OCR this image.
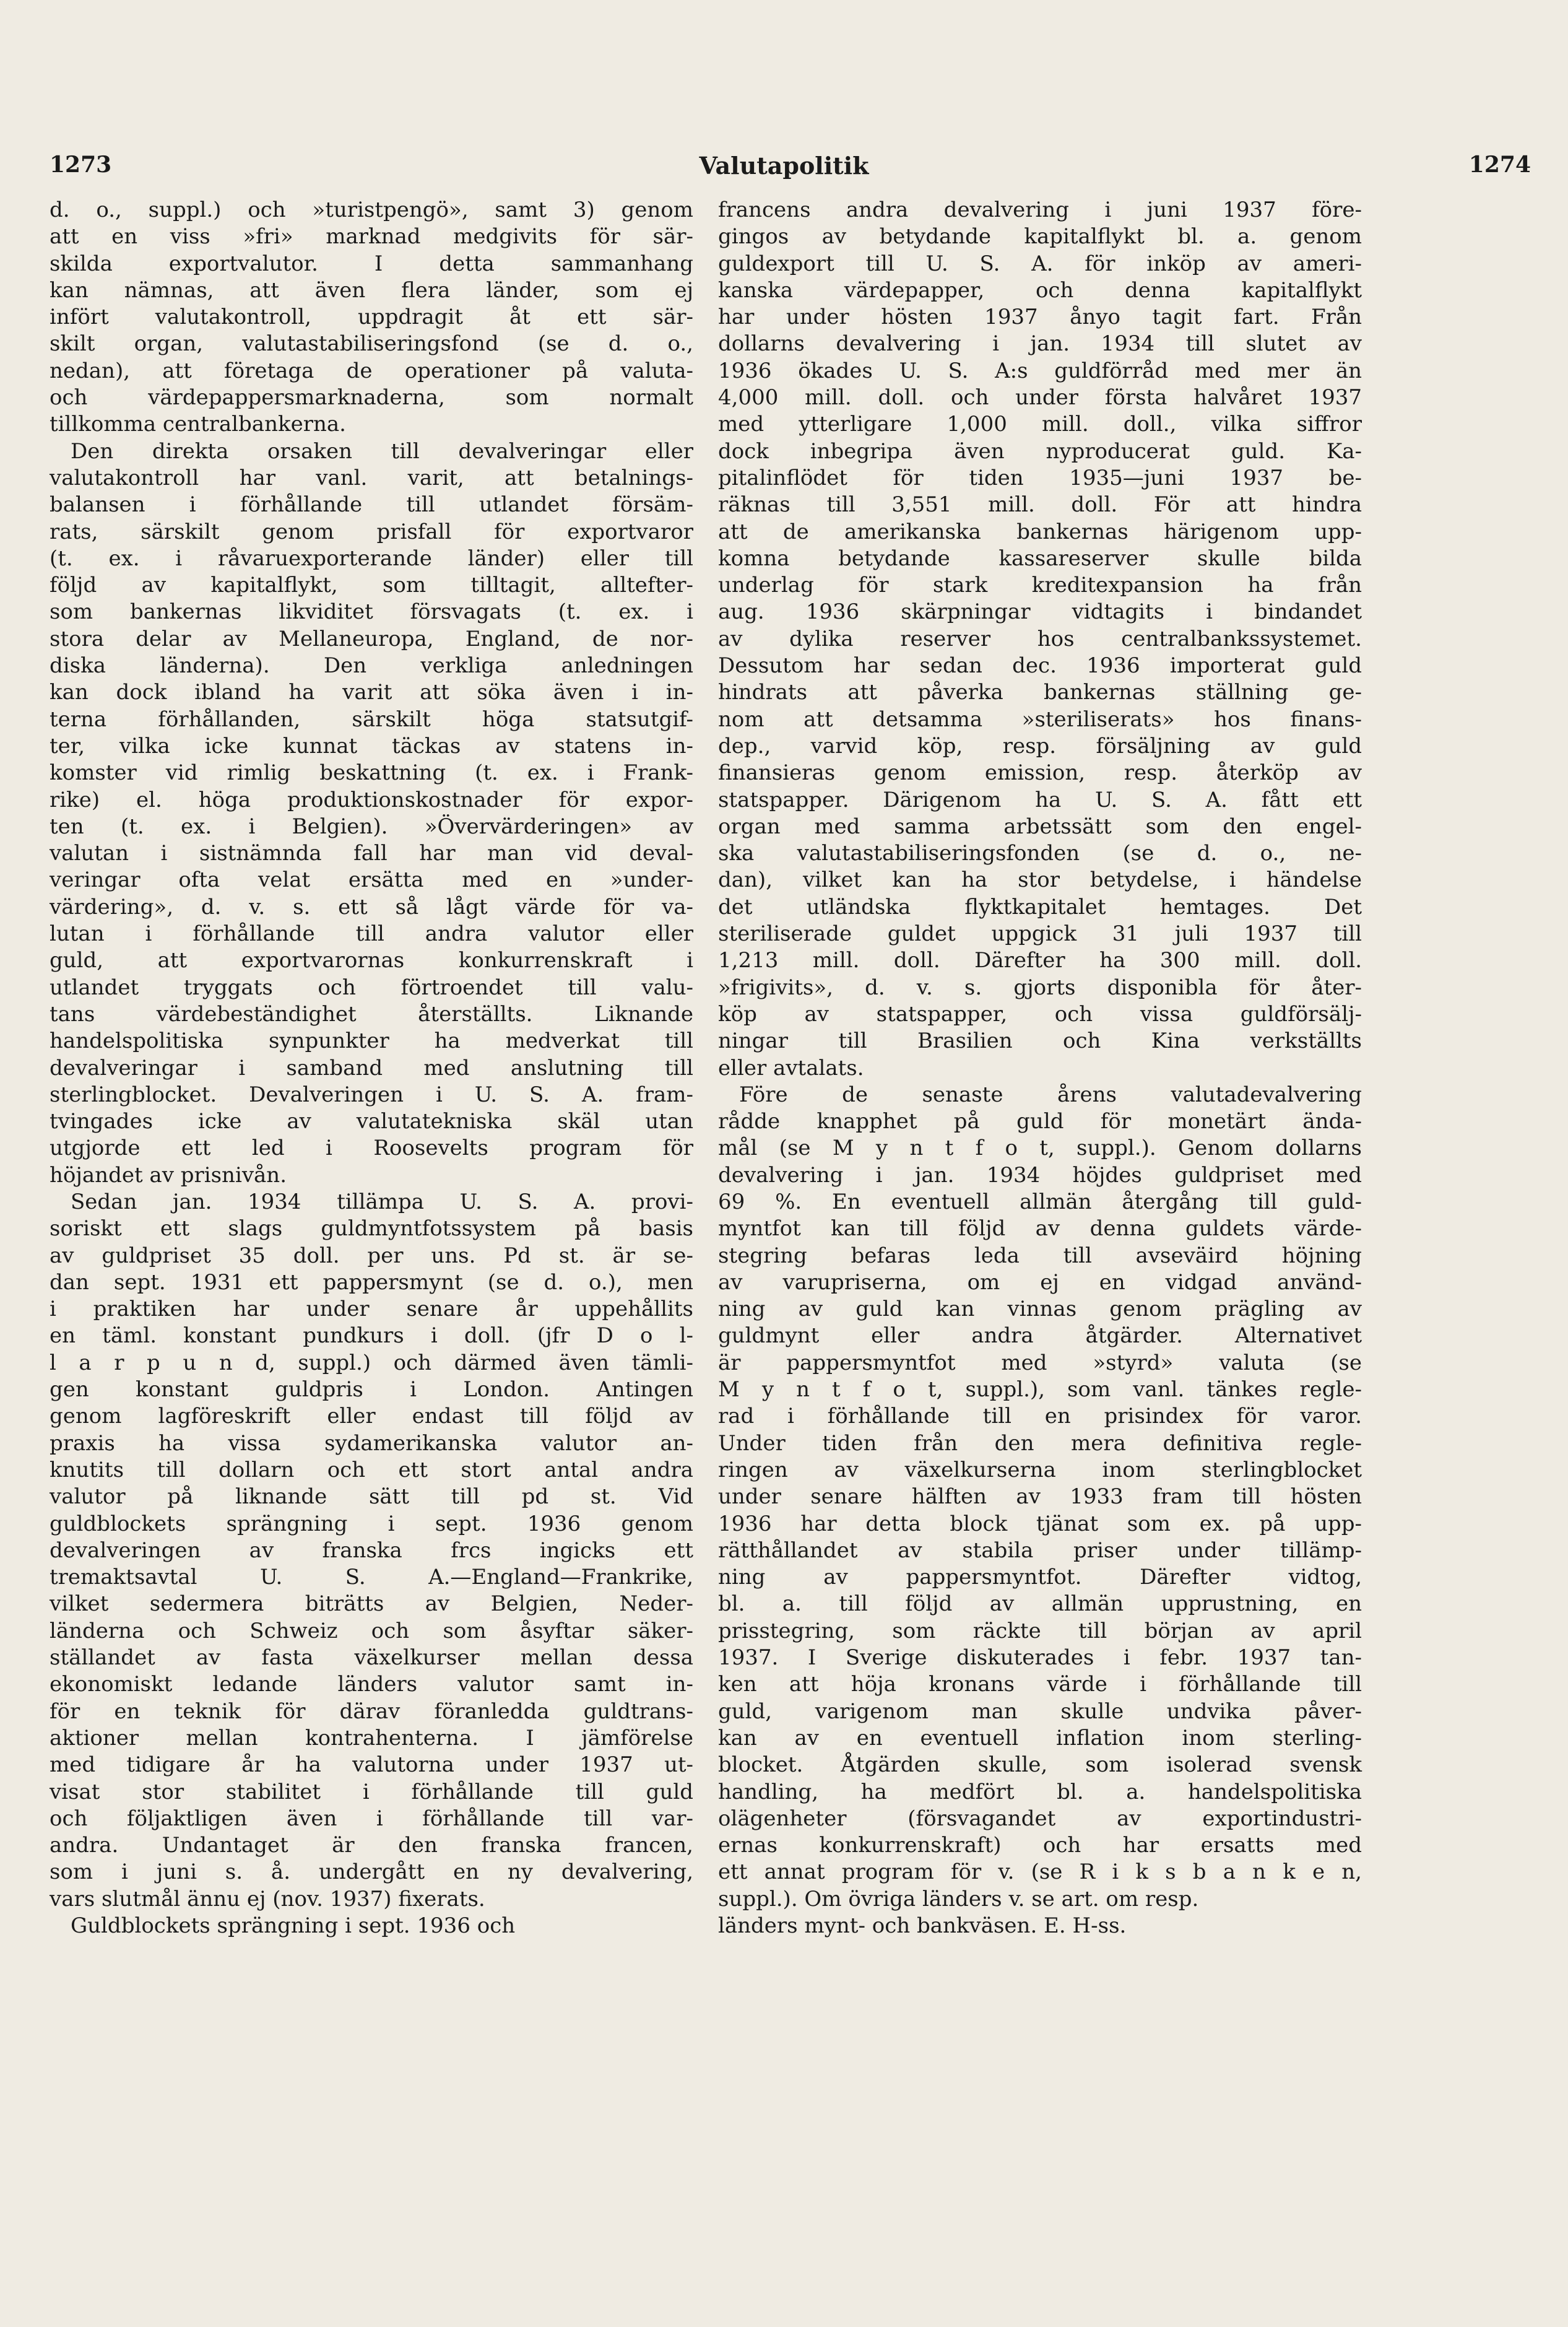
1273	Valutapolitik	1274
d. o., suppl.) och »turistpengö», samt 3) genom
att en viss »fri» marknad medgivits för sär-
skilda exportvalutor. I detta sammanhang
kan nämnas, att även flera länder, som ej
infört valutakontroll, uppdragit åt ett sär-
skilt organ, valutastabiliseringsfond (se d. o.,
nedan), att företaga de operationer på valuta-
och värdepappersmarknaderna, som normalt
tillkomma centralbankerna.
Den direkta orsaken till devalveringar eller
valutakontroll har vanl. varit, att betalnings-
balansen i förhållande till utlandet försäm-
rats, särskilt genom prisfall för exportvaror
(t. ex. i råvaruexporterande länder) eller till
följd av kapitalflykt, som tilltagit, alltefter-
som bankernas likviditet försvagats (t. ex. i
stora delar av Mellaneuropa, England, de nor-
diska länderna). Den verkliga anledningen
kan dock ibland ha varit att söka även i in-
terna förhållanden, särskilt höga statsutgif-
ter, vilka icke kunnat täckas av statens in-
komster vid rimlig beskattning (t. ex. i Frank-
rike) el. höga produktionskostnader för expor-
ten (t. ex. i Belgien). »Övervärderingen» av
valutan i sistnämnda fall har man vid deval-
veringar ofta velat ersätta med en »under-
värdering», d. v. s. ett så lågt värde för va-
lutan i förhållande till andra valutor eller
guld, att exportvarornas konkurrenskraft i
utlandet tryggats och förtroendet till valu-
tans värdebeständighet återställts. Liknande
handelspolitiska synpunkter ha medverkat till
devalveringar i samband med anslutning till
sterlingblocket. Devalveringen i U. S. A. fram-
tvingades icke av valutatekniska skäl utan
utgjorde ett led i Roosevelts program för
höjandet av prisnivån.
Sedan jan. 1934 tillämpa U. S. A. provi-
soriskt ett slags guldmyntfotssystem på basis
av guldpriset 35 doll. per uns. Pd st. är se-
dan sept. 1931 ett pappersmynt (se d. o.), men
i praktiken har under senare år uppehållits
en täml. konstant pundkurs i doll. (jfr D o l-
l a r p u n d, suppl.) och därmed även tämli-
gen konstant guldpris i London. Antingen
genom lagföreskrift eller endast till följd av
praxis ha vissa sydamerikanska valutor an-
knutits till dollarn och ett stort antal andra
valutor på liknande sätt till pd st. Vid
guldblockets sprängning i sept. 1936 genom
devalveringen av franska frcs ingicks ett
tremaktsavtal U. S. A.—England—Frankrike,
vilket sedermera biträtts av Belgien, Neder-
länderna och Schweiz och som åsyftar säker-
ställandet av fasta växelkurser mellan dessa
ekonomiskt ledande länders valutor samt in-
för en teknik för därav föranledda guldtrans-
aktioner mellan kontrahenterna. I jämförelse
med tidigare år ha valutorna under 1937 ut-
visat stor stabilitet i förhållande till guld
och följaktligen även i förhållande till var-
andra. Undantaget är den franska francen,
som i juni s. å. undergått en ny devalvering,
vars slutmål ännu ej (nov. 1937) fixerats.
Guldblockets sprängning i sept. 1936 och
francens andra devalvering i juni 1937 före-
gingos av betydande kapitalflykt bl. a. genom
guldexport till U. S. A. för inköp av ameri-
kanska värdepapper, och denna kapitalflykt
har under hösten 1937 ånyo tagit fart. Från
dollarns devalvering i jan. 1934 till slutet av
1936 ökades U. S. A:s guldförråd med mer än
4,000 mill. doll. och under första halvåret 1937
med ytterligare 1,000 mill. doll., vilka siffror
dock inbegripa även nyproducerat guld. Ka-
pitalinflödet för tiden 1935—juni 1937 be-
räknas till 3,551 mill. doll. För att hindra
att de amerikanska bankernas härigenom upp-
komna betydande kassareserver skulle bilda
underlag för stark kreditexpansion ha från
aug. 1936 skärpningar vidtagits i bindandet
av dylika reserver hos centralbankssystemet.
Dessutom har sedan dec. 1936 importerat guld
hindrats att påverka bankernas ställning ge-
nom att detsamma »steriliserats» hos finans-
dep., varvid köp, resp. försäljning av guld
finansieras genom emission, resp. återköp av
statspapper. Därigenom ha U. S. A. fått ett
organ med samma arbetssätt som den engel-
ska valutastabiliseringsfonden (se d. o., ne-
dan), vilket kan ha stor betydelse, i händelse
det utländska flyktkapitalet hemtages. Det
steriliserade guldet uppgick 31 juli 1937 till
1,213 mill. doll. Därefter ha 300 mill. doll.
»frigivits», d. v. s. gjorts disponibla för åter-
köp av statspapper, och vissa guldförsälj-
ningar till Brasilien och Kina verkställts
eller avtalats.
Före de senaste årens valutadevalvering
rådde knapphet på guld för monetärt ända-
mål (se M y n t f o t, suppl.). Genom dollarns
devalvering i jan. 1934 höjdes guldpriset med
69 %. En eventuell allmän återgång till guld-
myntfot kan till följd av denna guldets värde-
stegring befaras leda till avseväird höjning
av varupriserna, om ej en vidgad använd-
ning av guld kan vinnas genom prägling av
guldmynt eller andra åtgärder. Alternativet
är pappersmyntfot med »styrd» valuta (se
M y n t f o t, suppl.), som vanl. tänkes regle-
rad i förhållande till en prisindex för varor.
Under tiden från den mera definitiva regle-
ringen av växelkurserna inom sterlingblocket
under senare hälften av 1933 fram till hösten
1936 har detta block tjänat som ex. på upp-
rätthållandet av stabila priser under tillämp-
ning av pappersmyntfot. Därefter vidtog,
bl. a. till följd av allmän upprustning, en
prisstegring, som räckte till början av april
1937. I Sverige diskuterades i febr. 1937 tan-
ken att höja kronans värde i förhållande till
guld, varigenom man skulle undvika påver-
kan av en eventuell inflation inom sterling-
blocket. Åtgärden skulle, som isolerad svensk
handling, ha medfört bl. a. handelspolitiska
olägenheter (försvagandet av exportindustri-
ernas konkurrenskraft) och har ersatts med
ett annat program för v. (se R i k s b a n k e n,
suppl.). Om övriga länders v. se art. om resp.
länders mynt- och bankväsen. E. H-ss.
